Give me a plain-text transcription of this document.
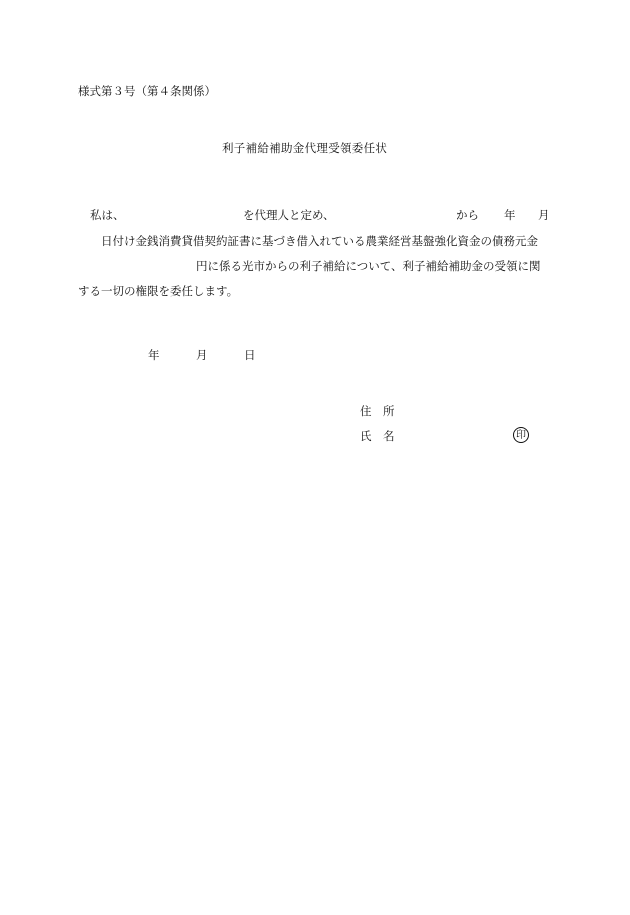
様式第３号（第４条関係）
利子補給補助金代理受領委任状
私は、	を代理人と定め、	から 年 月
日付け金銭消費貸借契約証書に基づき借入れている農業経営基盤強化資金の債務元金
円に係る光市からの利子補給について、利子補給補助金の受領に関
する一切の権限を委任します。
年	月	日
住　所
氏　名	印
